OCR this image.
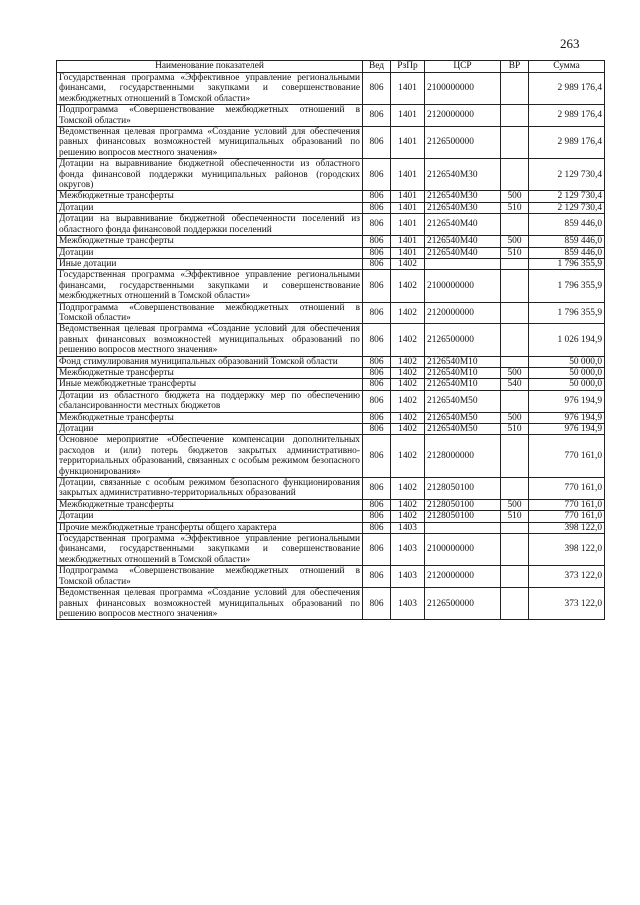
263
Наименование показателей	Вед	РзПр	ЦСР	ВР	Сумма
Государственная программа «Эффективное управление региональными финансами, государственными закупками и совершенствование межбюджетных отношений в Томской области»	806	1401	2100000000		2 989 176,4
Подпрограмма «Совершенствование межбюджетных отношений в Томской области»	806	1401	2120000000		2 989 176,4
Ведомственная целевая программа «Создание условий для обеспечения равных финансовых возможностей муниципальных образований по решению вопросов местного значения»	806	1401	2126500000		2 989 176,4
Дотации на выравнивание бюджетной обеспеченности из областного фонда финансовой поддержки муниципальных районов (городских округов)	806	1401	2126540М30		2 129 730,4
Межбюджетные трансферты	806	1401	2126540М30	500	2 129 730,4
Дотации	806	1401	2126540М30	510	2 129 730,4
Дотации на выравнивание бюджетной обеспеченности поселений из областного фонда финансовой поддержки поселений	806	1401	2126540М40		859 446,0
Межбюджетные трансферты	806	1401	2126540М40	500	859 446,0
Дотации	806	1401	2126540М40	510	859 446,0
Иные дотации	806	1402			1 796 355,9
Государственная программа «Эффективное управление региональными финансами, государственными закупками и совершенствование межбюджетных отношений в Томской области»	806	1402	2100000000		1 796 355,9
Подпрограмма «Совершенствование межбюджетных отношений в Томской области»	806	1402	2120000000		1 796 355,9
Ведомственная целевая программа «Создание условий для обеспечения равных финансовых возможностей муниципальных образований по решению вопросов местного значения»	806	1402	2126500000		1 026 194,9
Фонд стимулирования муниципальных образований Томской области	806	1402	2126540М10		50 000,0
Межбюджетные трансферты	806	1402	2126540М10	500	50 000,0
Иные межбюджетные трансферты	806	1402	2126540М10	540	50 000,0
Дотации из областного бюджета на поддержку мер по обеспечению сбалансированности местных бюджетов	806	1402	2126540М50		976 194,9
Межбюджетные трансферты	806	1402	2126540М50	500	976 194,9
Дотации	806	1402	2126540М50	510	976 194,9
Основное мероприятие «Обеспечение компенсации дополнительных расходов и (или) потерь бюджетов закрытых административно-территориальных образований, связанных с особым режимом безопасного функционирования»	806	1402	2128000000		770 161,0
Дотации, связанные с особым режимом безопасного функционирования закрытых административно-территориальных образований	806	1402	2128050100		770 161,0
Межбюджетные трансферты	806	1402	2128050100	500	770 161,0
Дотации	806	1402	2128050100	510	770 161,0
Прочие межбюджетные трансферты общего характера	806	1403			398 122,0
Государственная программа «Эффективное управление региональными финансами, государственными закупками и совершенствование межбюджетных отношений в Томской области»	806	1403	2100000000		398 122,0
Подпрограмма «Совершенствование межбюджетных отношений в Томской области»	806	1403	2120000000		373 122,0
Ведомственная целевая программа «Создание условий для обеспечения равных финансовых возможностей муниципальных образований по решению вопросов местного значения»	806	1403	2126500000		373 122,0
